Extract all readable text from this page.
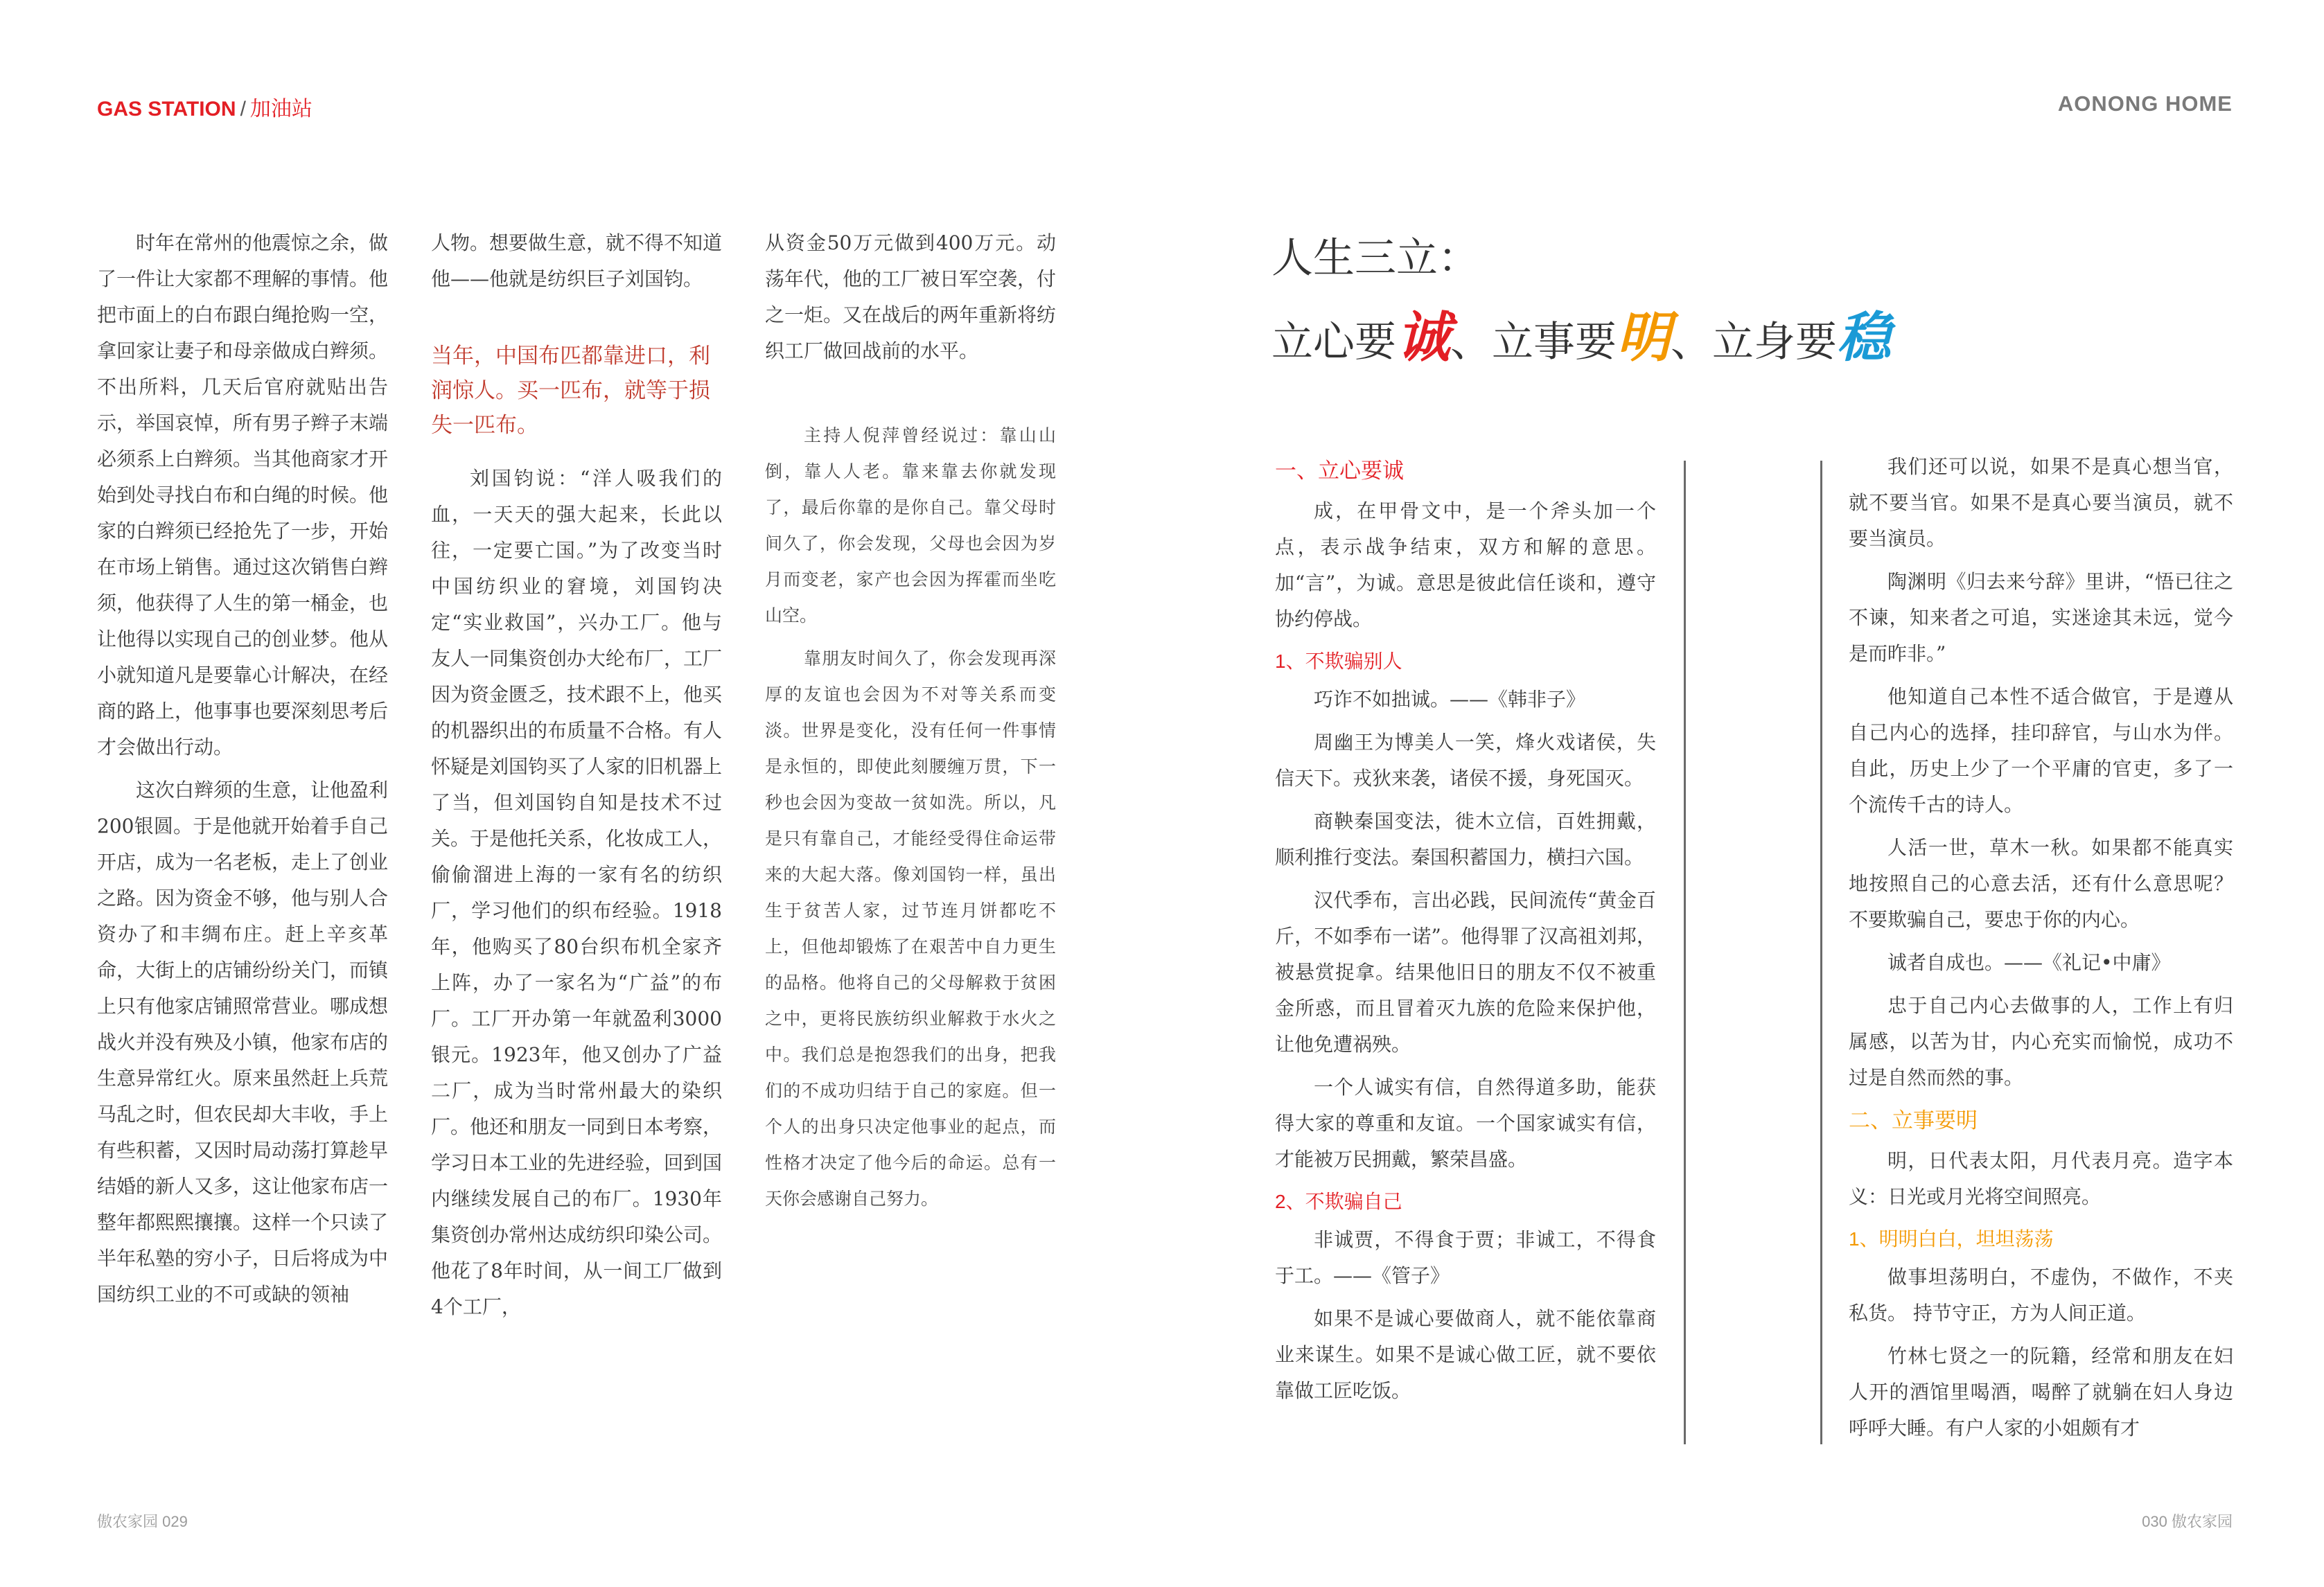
GAS STATION / 加油站	AONONG HOME

时年在常州的他震惊之余，做了一件让大家都不理解的事情。他把市面上的白布跟白绳抢购一空，拿回家让妻子和母亲做成白辫须。不出所料，几天后官府就贴出告示，举国哀悼，所有男子辫子末端必须系上白辫须。当其他商家才开始到处寻找白布和白绳的时候。他家的白辫须已经抢先了一步，开始在市场上销售。通过这次销售白辫须，他获得了人生的第一桶金，也让他得以实现自己的创业梦。他从小就知道凡是要靠心计解决，在经商的路上，他事事也要深刻思考后才会做出行动。

这次白辫须的生意，让他盈利200银圆。于是他就开始着手自己开店，成为一名老板，走上了创业之路。因为资金不够，他与别人合资办了和丰绸布庄。赶上辛亥革命，大街上的店铺纷纷关门，而镇上只有他家店铺照常营业。哪成想战火并没有殃及小镇，他家布店的生意异常红火。原来虽然赶上兵荒马乱之时，但农民却大丰收，手上有些积蓄，又因时局动荡打算趁早结婚的新人又多，这让他家布店一整年都熙熙攘攘。这样一个只读了半年私塾的穷小子，日后将成为中国纺织工业的不可或缺的领袖

人物。想要做生意，就不得不知道他——他就是纺织巨子刘国钧。

当年，中国布匹都靠进口，利润惊人。买一匹布，就等于损失一匹布。

刘国钧说：“洋人吸我们的血，一天天的强大起来，长此以往，一定要亡国。”为了改变当时中国纺织业的窘境，刘国钧决定“实业救国”，兴办工厂。他与友人一同集资创办大纶布厂，工厂因为资金匮乏，技术跟不上，他买的机器织出的布质量不合格。有人怀疑是刘国钧买了人家的旧机器上了当，但刘国钧自知是技术不过关。于是他托关系，化妆成工人，偷偷溜进上海的一家有名的纺织厂，学习他们的织布经验。1918年，他购买了80台织布机全家齐上阵，办了一家名为“广益”的布厂。工厂开办第一年就盈利3000银元。1923年，他又创办了广益二厂，成为当时常州最大的染织厂。他还和朋友一同到日本考察，学习日本工业的先进经验，回到国内继续发展自己的布厂。1930年集资创办常州达成纺织印染公司。他花了8年时间，从一间工厂做到4个工厂，

从资金50万元做到400万元。动荡年代，他的工厂被日军空袭，付之一炬。又在战后的两年重新将纺织工厂做回战前的水平。

主持人倪萍曾经说过：靠山山倒，靠人人老。靠来靠去你就发现了，最后你靠的是你自己。靠父母时间久了，你会发现，父母也会因为岁月而变老，家产也会因为挥霍而坐吃山空。

靠朋友时间久了，你会发现再深厚的友谊也会因为不对等关系而变淡。世界是变化，没有任何一件事情是永恒的，即使此刻腰缠万贯，下一秒也会因为变故一贫如洗。所以，凡是只有靠自己，才能经受得住命运带来的大起大落。像刘国钧一样，虽出生于贫苦人家，过节连月饼都吃不上，但他却锻炼了在艰苦中自力更生的品格。他将自己的父母解救于贫困之中，更将民族纺织业解救于水火之中。我们总是抱怨我们的出身，把我们的不成功归结于自己的家庭。但一个人的出身只决定他事业的起点，而性格才决定了他今后的命运。总有一天你会感谢自己努力。

人生三立：
立心要诚、立事要明、立身要稳
一、立心要诚

成，在甲骨文中，是一个斧头加一个点，表示战争结束，双方和解的意思。加“言”，为诚。意思是彼此信任谈和，遵守协约停战。

1、不欺骗别人

巧诈不如拙诚。——《韩非子》

周幽王为博美人一笑，烽火戏诸侯，失信天下。戎狄来袭，诸侯不援，身死国灭。

商鞅秦国变法，徙木立信，百姓拥戴，顺利推行变法。秦国积蓄国力，横扫六国。

汉代季布，言出必践，民间流传“黄金百斤，不如季布一诺”。他得罪了汉高祖刘邦，被悬赏捉拿。结果他旧日的朋友不仅不被重金所惑，而且冒着灭九族的危险来保护他，让他免遭祸殃。

一个人诚实有信，自然得道多助，能获得大家的尊重和友谊。一个国家诚实有信，才能被万民拥戴，繁荣昌盛。

2、不欺骗自己

非诚贾，不得食于贾；非诚工，不得食于工。——《管子》

如果不是诚心要做商人，就不能依靠商业来谋生。如果不是诚心做工匠，就不要依靠做工匠吃饭。

我们还可以说，如果不是真心想当官，就不要当官。如果不是真心要当演员，就不要当演员。

陶渊明《归去来兮辞》里讲，“悟已往之不谏，知来者之可追，实迷途其未远，觉今是而昨非。”

他知道自己本性不适合做官，于是遵从自己内心的选择，挂印辞官，与山水为伴。自此，历史上少了一个平庸的官吏，多了一个流传千古的诗人。

人活一世，草木一秋。如果都不能真实地按照自己的心意去活，还有什么意思呢？不要欺骗自己，要忠于你的内心。

诚者自成也。——《礼记•中庸》

忠于自己内心去做事的人，工作上有归属感，以苦为甘，内心充实而愉悦，成功不过是自然而然的事。

二、立事要明

明，日代表太阳，月代表月亮。造字本义：日光或月光将空间照亮。

1、明明白白，坦坦荡荡

做事坦荡明白，不虚伪，不做作，不夹私货。 持节守正，方为人间正道。

竹林七贤之一的阮籍，经常和朋友在妇人开的酒馆里喝酒，喝醉了就躺在妇人身边呼呼大睡。有户人家的小姐颇有才

傲农家园 029	030 傲农家园
